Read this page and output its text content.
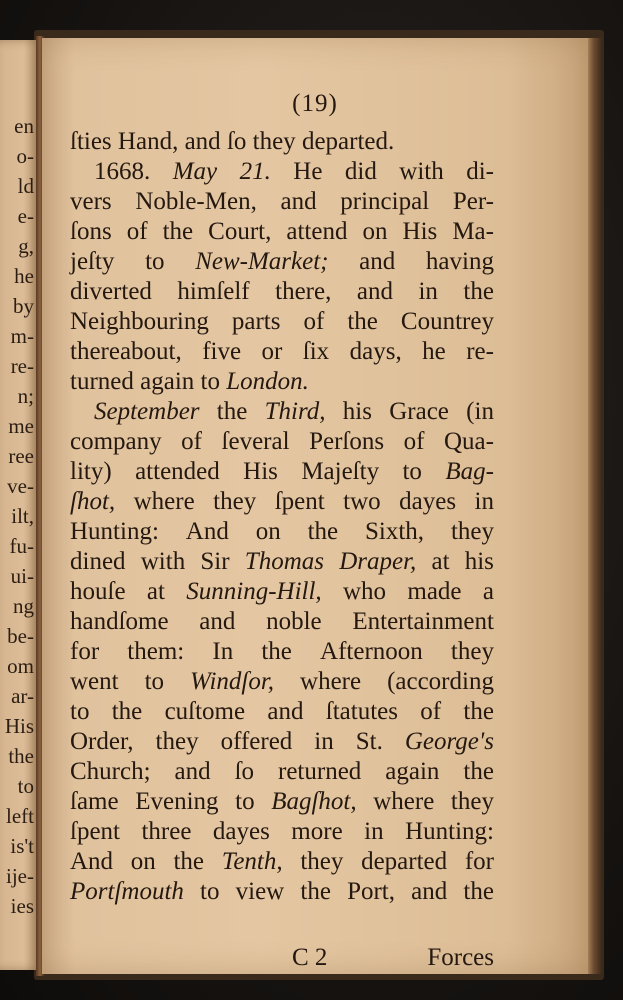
en
o-
ld
e-
g,
he
by
m-
re-
n;
me
ree
ve-
ilt,
fu-
ui-
ng
be-
om
ar-
His
the
to
left
is't
ije-
ies
(19)
ſties Hand, and ſo they departed.
1668. May 21. He did with di-
vers Noble-Men, and principal Per-
ſons of the Court, attend on His Ma-
jeſty to New-Market; and having
diverted himſelf there, and in the
Neighbouring parts of the Countrey
thereabout, five or ſix days, he re-
turned again to London.
September the Third, his Grace (in
company of ſeveral Perſons of Qua-
lity) attended His Majeſty to Bag-
ſhot, where they ſpent two dayes in
Hunting: And on the Sixth, they
dined with Sir Thomas Draper, at his
houſe at Sunning-Hill, who made a
handſome and noble Entertainment
for them: In the Afternoon they
went to Windſor, where (according
to the cuſtome and ſtatutes of the
Order, they offered in St. George's
Church; and ſo returned again the
ſame Evening to Bagſhot, where they
ſpent three dayes more in Hunting:
And on the Tenth, they departed for
Portſmouth to view the Port, and the
C 2	Forces
